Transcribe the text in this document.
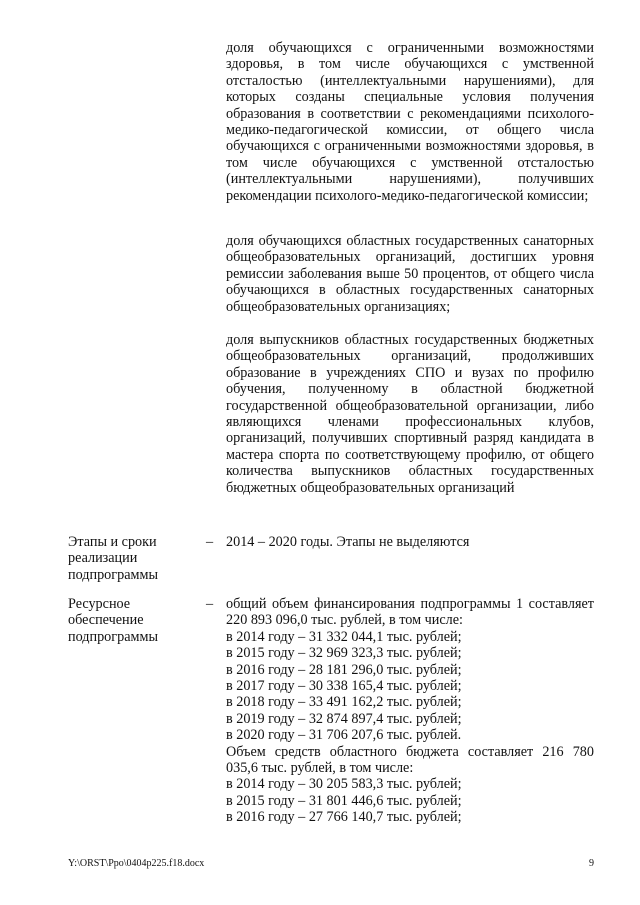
доля обучающихся с ограниченными возможностями здоровья, в том числе обучающихся с умственной отсталостью (интеллектуальными нарушениями), для которых созданы специальные условия получения образования в соответствии с рекомендациями психолого-медико-педагогической комиссии, от общего числа обучающихся с ограниченными возможностями здоровья, в том числе обучающихся с умственной отсталостью (интеллектуальными нарушениями), получивших рекомендации психолого-медико-педагогической комиссии;

доля обучающихся областных государственных санаторных общеобразовательных организаций, достигших уровня ремиссии заболевания выше 50 процентов, от общего числа обучающихся в областных государственных санаторных общеобразовательных организациях;

доля выпускников областных государственных бюджетных общеобразовательных организаций, продолживших образование в учреждениях СПО и вузах по профилю обучения, полученному в областной бюджетной государственной общеобразовательной организации, либо являющихся членами профессиональных клубов, организаций, получивших спортивный разряд кандидата в мастера спорта по соответствующему профилю, от общего количества выпускников областных государственных бюджетных общеобразовательных организаций

Этапы и сроки реализации подпрограммы

– 2014 – 2020 годы. Этапы не выделяются

Ресурсное обеспечение подпрограммы

– общий объем финансирования подпрограммы 1 составляет 220 893 096,0 тыс. рублей, в том числе:
в 2014 году – 31 332 044,1 тыс. рублей;
в 2015 году – 32 969 323,3 тыс. рублей;
в 2016 году – 28 181 296,0 тыс. рублей;
в 2017 году – 30 338 165,4 тыс. рублей;
в 2018 году – 33 491 162,2 тыс. рублей;
в 2019 году – 32 874 897,4 тыс. рублей;
в 2020 году – 31 706 207,6 тыс. рублей.
Объем средств областного бюджета составляет 216 780 035,6 тыс. рублей, в том числе:
в 2014 году – 30 205 583,3 тыс. рублей;
в 2015 году – 31 801 446,6 тыс. рублей;
в 2016 году – 27 766 140,7 тыс. рублей;
Y:\ORST\Ppo\0404p225.f18.docx	9
